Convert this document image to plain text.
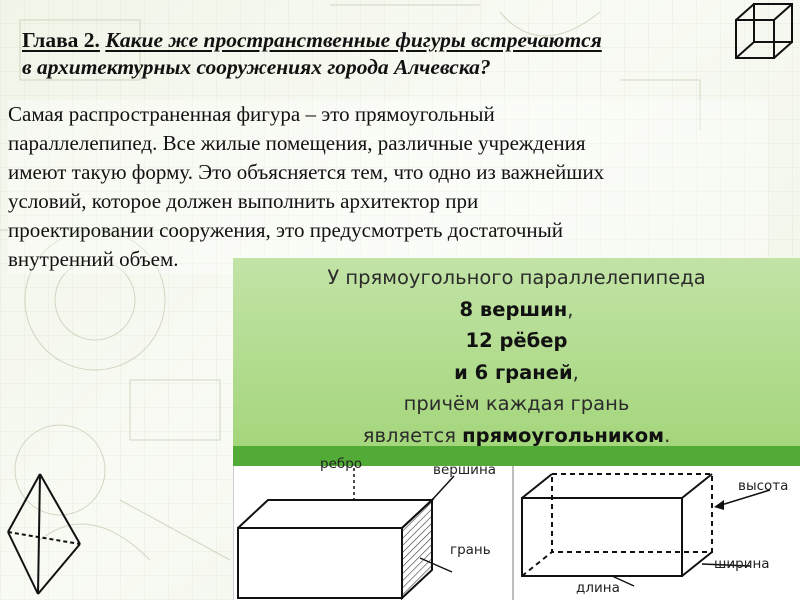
Глава 2. Какие же пространственные фигуры встречаются
в архитектурных сооружениях города Алчевска?
Самая распространенная фигура – это прямоугольный
параллелепипед. Все жилые помещения, различные учреждения
имеют такую форму. Это объясняется тем, что одно из важнейших
условий, которое должен выполнить архитектор при
проектировании сооружения, это предусмотреть достаточный
внутренний объем.
У прямоугольного параллелепипеда
8 вершин,
12 рёбер
и 6 граней,
причём каждая грань
является прямоугольником.
ребро	вершина
грань
высота
ширина
длина
